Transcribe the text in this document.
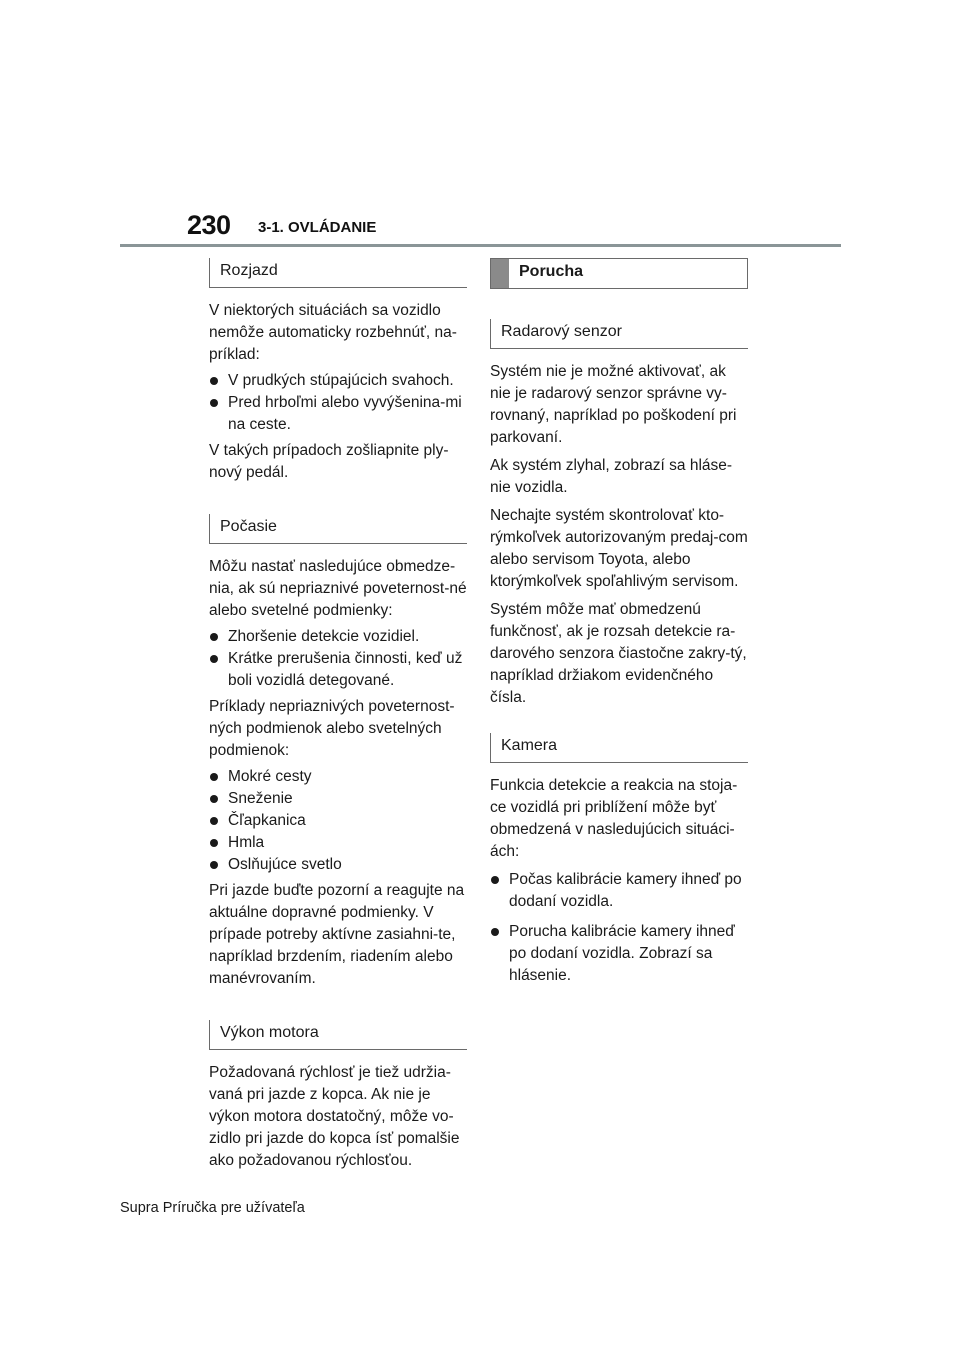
230 3-1. OVLÁDANIE
Rozjazd

V niektorých situáciách sa vozidlo nemôže automaticky rozbehnúť, na-príklad:

V prudkých stúpajúcich svahoch.
Pred hrboľmi alebo vyvýšenina-mi na ceste.

V takých prípadoch zošliapnite ply-nový pedál.

Počasie

Môžu nastať nasledujúce obmedze-nia, ak sú nepriaznivé poveternost-né alebo svetelné podmienky:

Zhoršenie detekcie vozidiel.
Krátke prerušenia činnosti, keď už boli vozidlá detegované.

Príklady nepriaznivých poveternost-ných podmienok alebo svetelných podmienok:

Mokré cesty
Sneženie
Čľapkanica
Hmla
Oslňujúce svetlo

Pri jazde buďte pozorní a reagujte na aktuálne dopravné podmienky. V prípade potreby aktívne zasiahni-te, napríklad brzdením, riadením alebo manévrovaním.

Výkon motora

Požadovaná rýchlosť je tiež udržia-vaná pri jazde z kopca. Ak nie je výkon motora dostatočný, môže vo-zidlo pri jazde do kopca ísť pomalšie ako požadovanou rýchlosťou.

Porucha
Radarový senzor

Systém nie je možné aktivovať, ak nie je radarový senzor správne vy-rovnaný, napríklad po poškodení pri parkovaní.

Ak systém zlyhal, zobrazí sa hláse-nie vozidla.

Nechajte systém skontrolovať kto-rýmkoľvek autorizovaným predaj-com alebo servisom Toyota, alebo ktorýmkoľvek spoľahlivým servisom.

Systém môže mať obmedzenú funkčnosť, ak je rozsah detekcie ra-darového senzora čiastočne zakry-tý, napríklad držiakom evidenčného čísla.

Kamera

Funkcia detekcie a reakcia na stoja-ce vozidlá pri priblížení môže byť obmedzená v nasledujúcich situáci-ách:

Počas kalibrácie kamery ihneď po dodaní vozidla.
Porucha kalibrácie kamery ihneď po dodaní vozidla. Zobrazí sa hlásenie.
Supra Príručka pre užívateľa
